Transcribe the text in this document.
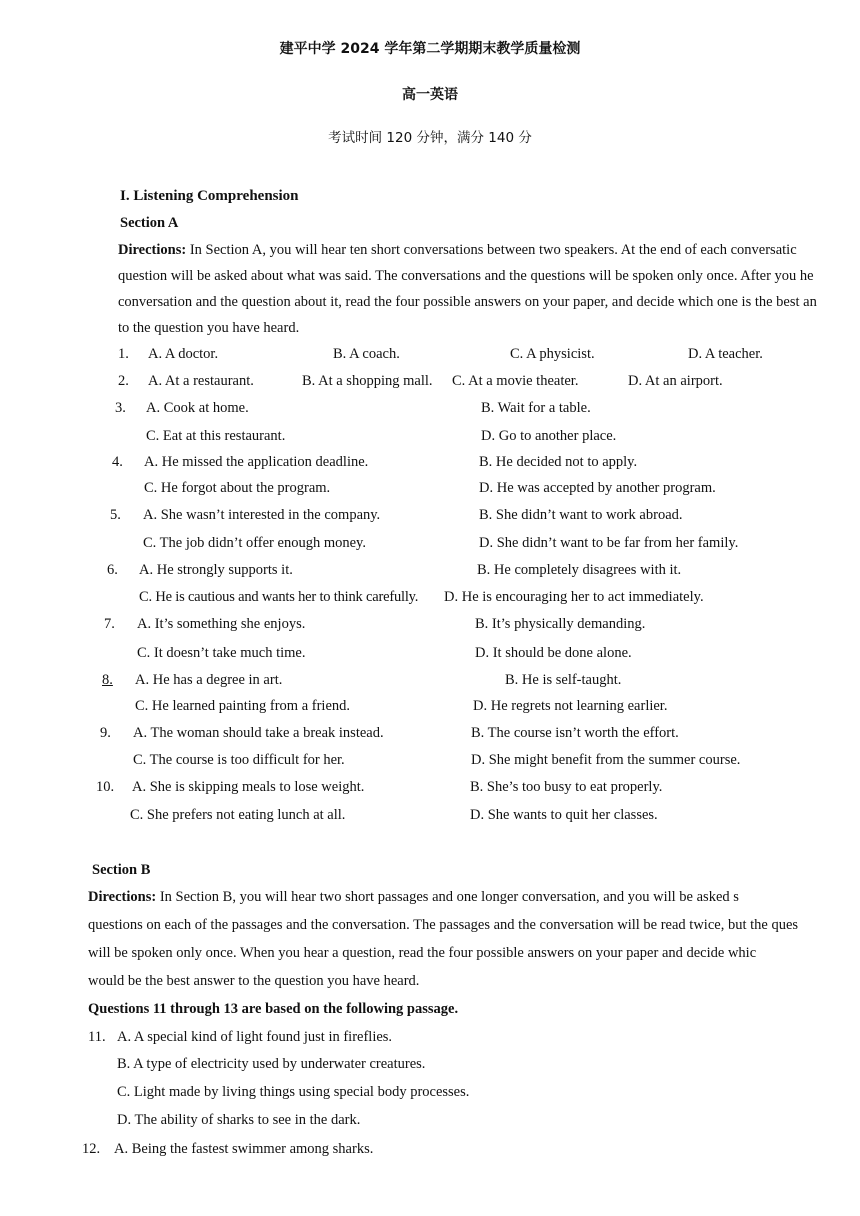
建平中学 2024 学年第二学期期末教学质量检测
高一英语
考试时间 120 分钟，满分 140 分
I. Listening Comprehension
Section A
Directions: In Section A, you will hear ten short conversations between two speakers. At the end of each conversatic
question will be asked about what was said. The conversations and the questions will be spoken only once. After you he
conversation and the question about it, read the four possible answers on your paper, and decide which one is the best an
to the question you have heard.
1. A. A doctor.	B. A coach.	C. A physicist.	D. A teacher.
2. A. At a restaurant.	B. At a shopping mall. C. At a movie theater.	D. At an airport.
3. A. Cook at home.	B. Wait for a table.
C. Eat at this restaurant.	D. Go to another place.
4. A. He missed the application deadline.	B. He decided not to apply.
C. He forgot about the program.	D. He was accepted by another program.
5. A. She wasn’t interested in the company.	B. She didn’t want to work abroad.
C. The job didn’t offer enough money.	D. She didn’t want to be far from her family.
6. A. He strongly supports it.	B. He completely disagrees with it.
C. He is cautious and wants her to think carefully. D. He is encouraging her to act immediately.
7. A. It’s something she enjoys.	B. It’s physically demanding.
C. It doesn’t take much time.	D. It should be done alone.
8. A. He has a degree in art.	B. He is self-taught.
C. He learned painting from a friend.	D. He regrets not learning earlier.
9. A. The woman should take a break instead.	B. The course isn’t worth the effort.
C. The course is too difficult for her.	D. She might benefit from the summer course.
10. A. She is skipping meals to lose weight.	B. She’s too busy to eat properly.
C. She prefers not eating lunch at all.	D. She wants to quit her classes.
Section B
Directions: In Section B, you will hear two short passages and one longer conversation, and you will be asked s
questions on each of the passages and the conversation. The passages and the conversation will be read twice, but the ques
will be spoken only once. When you hear a question, read the four possible answers on your paper and decide whic
would be the best answer to the question you have heard.
Questions 11 through 13 are based on the following passage.
11. A. A special kind of light found just in fireflies.
B. A type of electricity used by underwater creatures.
C. Light made by living things using special body processes.
D. The ability of sharks to see in the dark.
12. A. Being the fastest swimmer among sharks.
